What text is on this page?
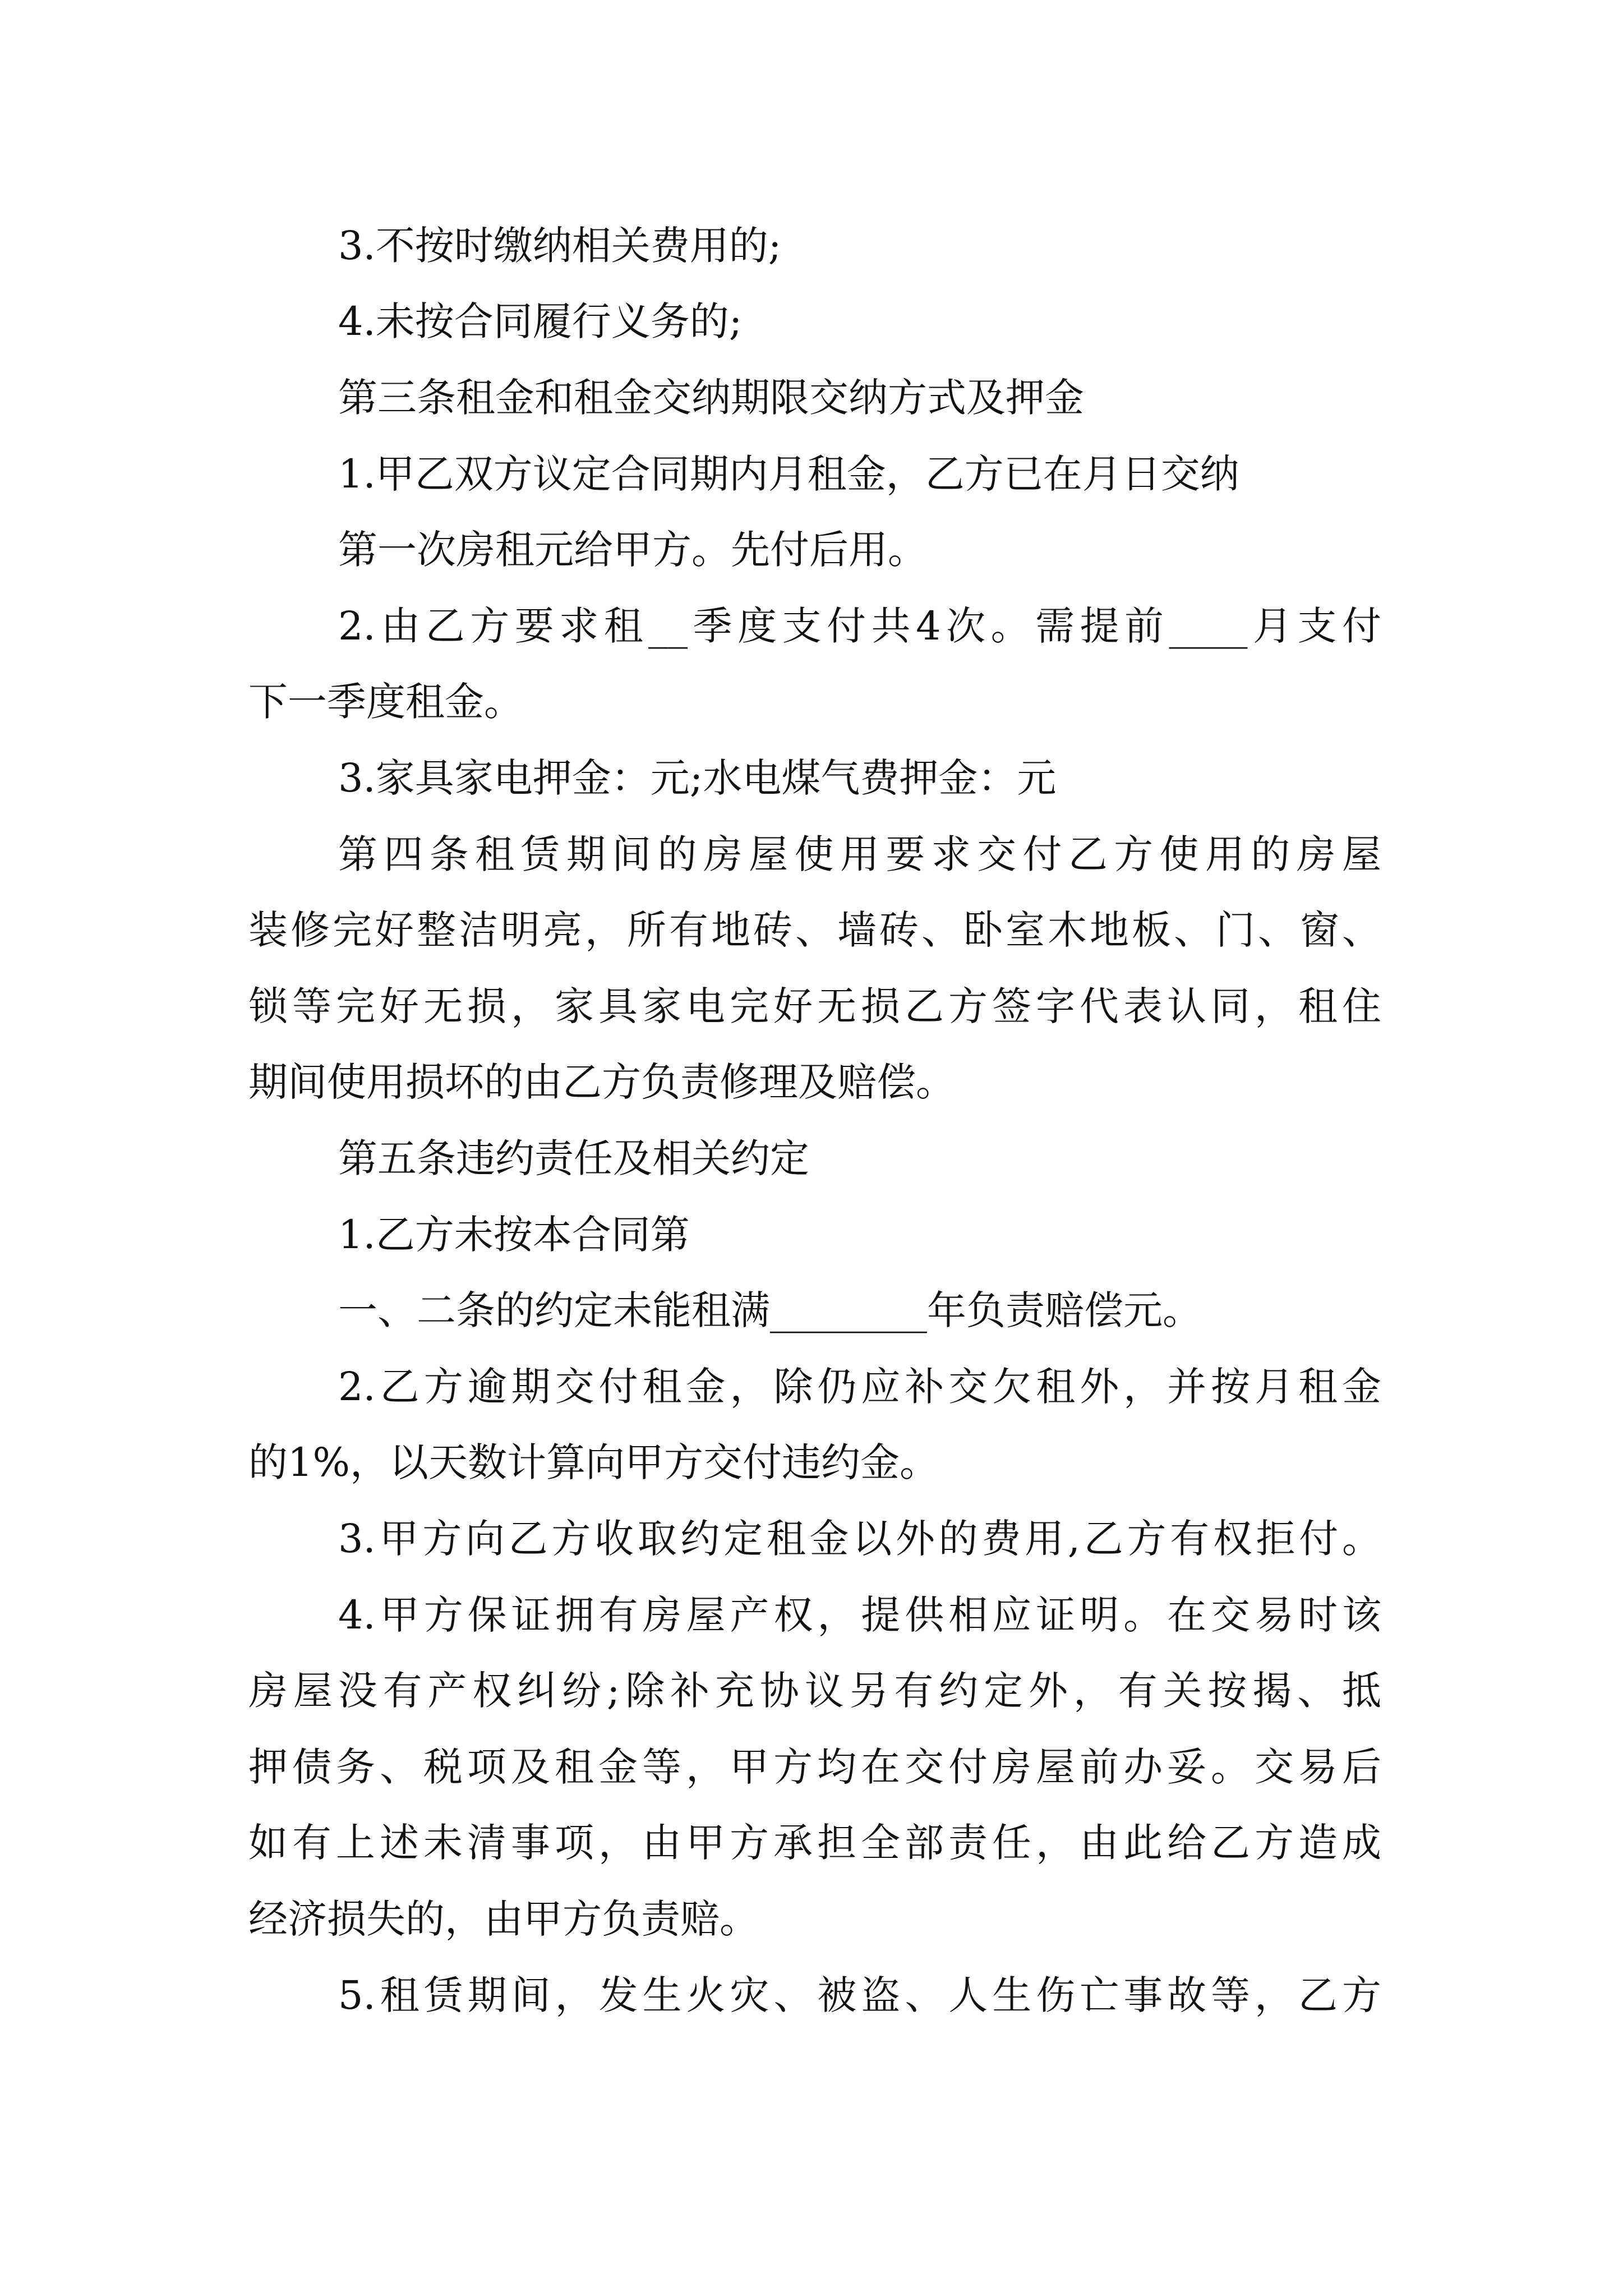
3.不按时缴纳相关费用的;
4.未按合同履行义务的;
第三条租金和租金交纳期限交纳方式及押金
1.甲乙双方议定合同期内月租金，乙方已在月日交纳
第一次房租元给甲方。先付后用。
2.由乙方要求租__季度支付共4次。需提前____月支付
下一季度租金。
3.家具家电押金：元;水电煤气费押金：元
第四条租赁期间的房屋使用要求交付乙方使用的房屋
装修完好整洁明亮，所有地砖、墙砖、卧室木地板、门、窗、
锁等完好无损，家具家电完好无损乙方签字代表认同，租住
期间使用损坏的由乙方负责修理及赔偿。
第五条违约责任及相关约定
1.乙方未按本合同第
一、二条的约定未能租满________年负责赔偿元。
2.乙方逾期交付租金，除仍应补交欠租外，并按月租金
的1%，以天数计算向甲方交付违约金。
3.甲方向乙方收取约定租金以外的费用,乙方有权拒付。
4.甲方保证拥有房屋产权，提供相应证明。在交易时该
房屋没有产权纠纷;除补充协议另有约定外，有关按揭、抵
押债务、税项及租金等，甲方均在交付房屋前办妥。交易后
如有上述未清事项，由甲方承担全部责任，由此给乙方造成
经济损失的，由甲方负责赔。
5.租赁期间，发生火灾、被盗、人生伤亡事故等，乙方
